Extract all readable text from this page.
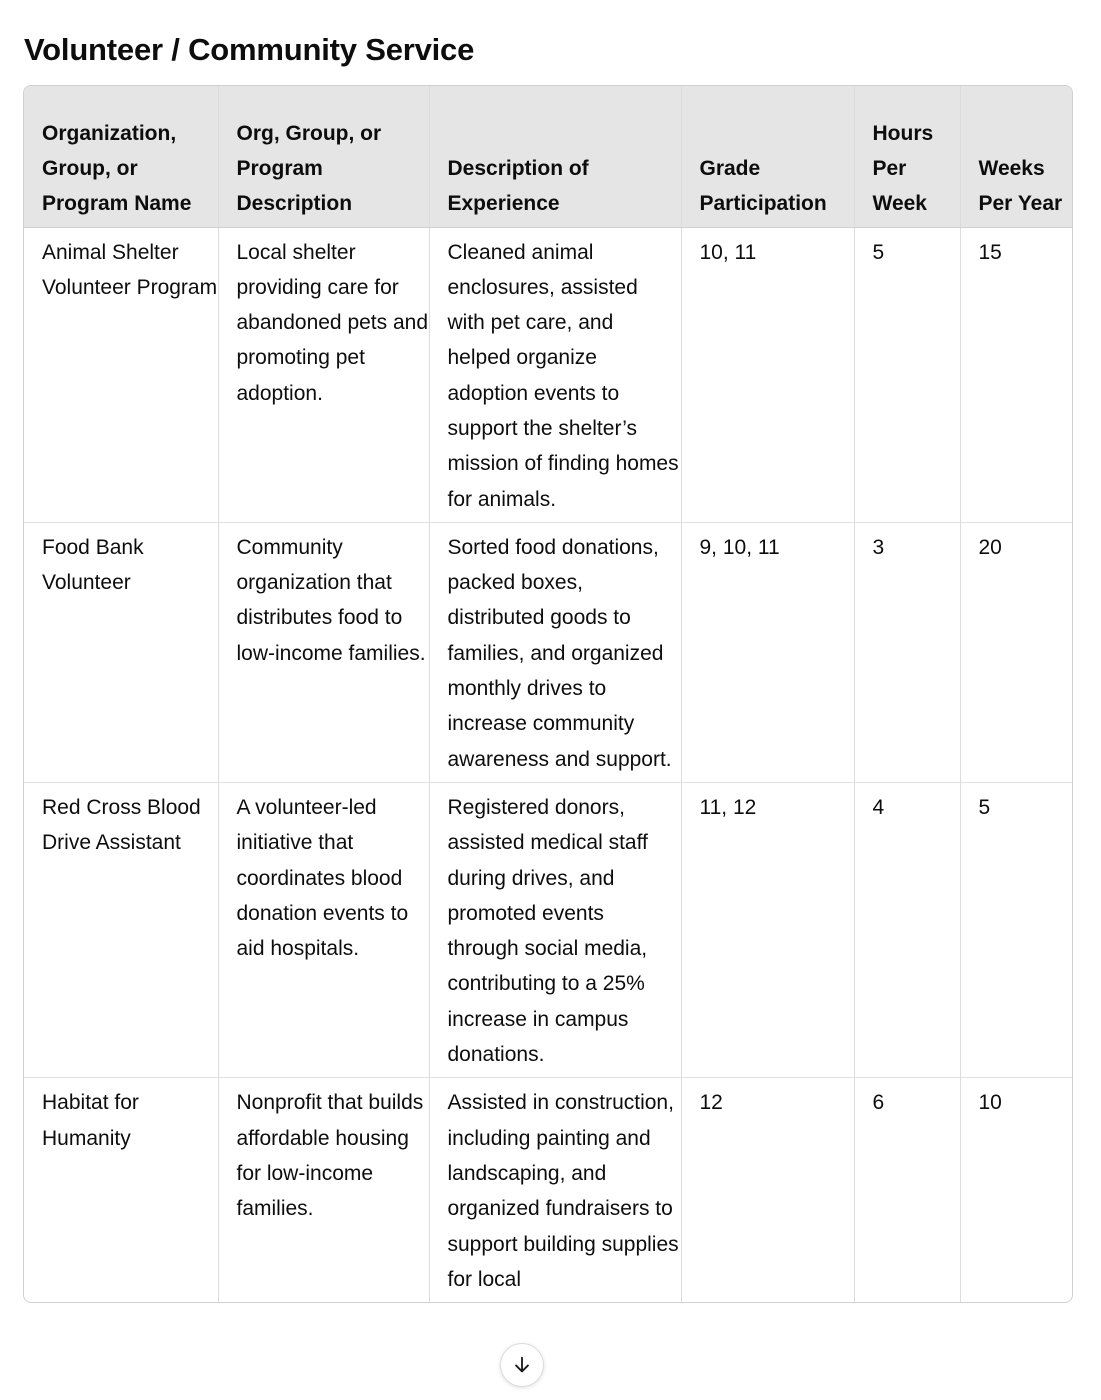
Volunteer / Community Service
Organization, Group, or Program Name	Org, Group, or Program Description	Description of Experience	Grade Participation	Hours Per Week	Weeks Per Year
Animal Shelter Volunteer Program	Local shelter providing care for abandoned pets and promoting pet adoption.	Cleaned animal enclosures, assisted with pet care, and helped organize adoption events to support the shelter’s mission of finding homes for animals.	10, 11	5	15
Food Bank Volunteer	Community organization that distributes food to low-income families.	Sorted food donations, packed boxes, distributed goods to families, and organized monthly drives to increase community awareness and support.	9, 10, 11	3	20
Red Cross Blood Drive Assistant	A volunteer-led initiative that coordinates blood donation events to aid hospitals.	Registered donors, assisted medical staff during drives, and promoted events through social media, contributing to a 25% increase in campus donations.	11, 12	4	5
Habitat for Humanity	Nonprofit that builds affordable housing for low-income families.	Assisted in construction, including painting and landscaping, and organized fundraisers to support building supplies for local	12	6	10
